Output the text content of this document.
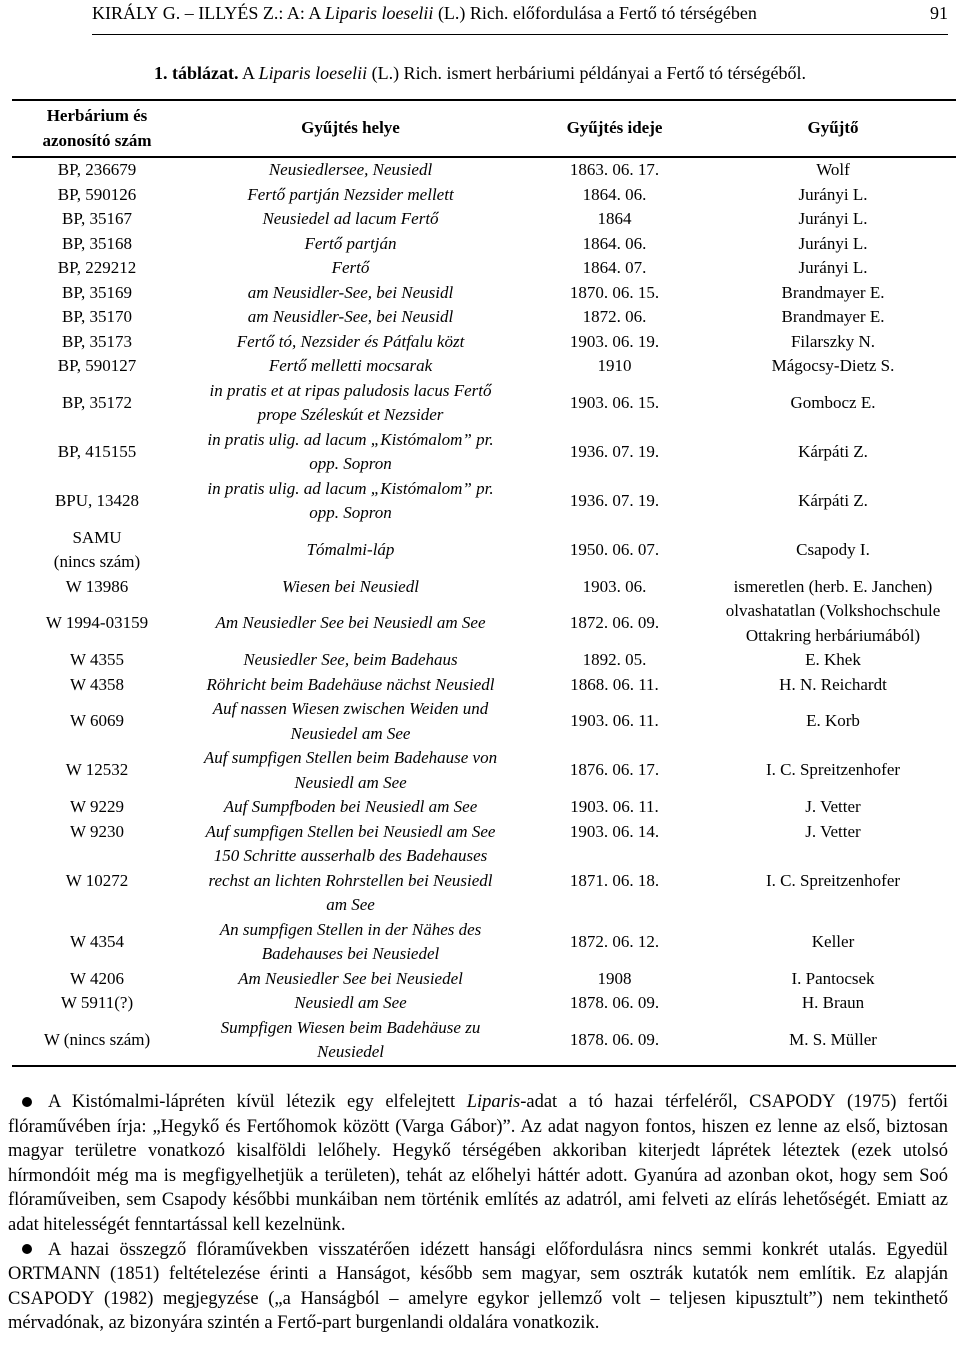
KIRÁLY G. – ILLYÉS Z.: A: A Liparis loeselii (L.) Rich. előfordulása a Fertő tó térségében	91
1. táblázat. A Liparis loeselii (L.) Rich. ismert herbáriumi példányai a Fertő tó térségéből.
Herbárium és
azonosító szám	Gyűjtés helye	Gyűjtés ideje	Gyűjtő
BP, 236679	Neusiedlersee, Neusiedl	1863. 06. 17.	Wolf
BP, 590126	Fertő partján Nezsider mellett	1864. 06.	Jurányi L.
BP, 35167	Neusiedel ad lacum Fertő	1864	Jurányi L.
BP, 35168	Fertő partján	1864. 06.	Jurányi L.
BP, 229212	Fertő	1864. 07.	Jurányi L.
BP, 35169	am Neusidler-See, bei Neusidl	1870. 06. 15.	Brandmayer E.
BP, 35170	am Neusidler-See, bei Neusidl	1872. 06.	Brandmayer E.
BP, 35173	Fertő tó, Nezsider és Pátfalu közt	1903. 06. 19.	Filarszky N.
BP, 590127	Fertő melletti mocsarak	1910	Mágocsy-Dietz S.
BP, 35172	in pratis et at ripas paludosis lacus Fertő
prope Széleskút et Nezsider	1903. 06. 15.	Gombocz E.
BP, 415155	in pratis ulig. ad lacum „Kistómalom” pr.
opp. Sopron	1936. 07. 19.	Kárpáti Z.
BPU, 13428	in pratis ulig. ad lacum „Kistómalom” pr.
opp. Sopron	1936. 07. 19.	Kárpáti Z.
SAMU
(nincs szám)	Tómalmi-láp	1950. 06. 07.	Csapody I.
W 13986	Wiesen bei Neusiedl	1903. 06.	ismeretlen (herb. E. Janchen)
W 1994-03159	Am Neusiedler See bei Neusiedl am See	1872. 06. 09.	olvashatatlan (Volkshochschule
Ottakring herbáriumából)
W 4355	Neusiedler See, beim Badehaus	1892. 05.	E. Khek
W 4358	Röhricht beim Badehäuse nächst Neusiedl	1868. 06. 11.	H. N. Reichardt
W 6069	Auf nassen Wiesen zwischen Weiden und
Neusiedel am See	1903. 06. 11.	E. Korb
W 12532	Auf sumpfigen Stellen beim Badehause von
Neusiedl am See	1876. 06. 17.	I. C. Spreitzenhofer
W 9229	Auf Sumpfboden bei Neusiedl am See	1903. 06. 11.	J. Vetter
W 9230	Auf sumpfigen Stellen bei Neusiedl am See	1903. 06. 14.	J. Vetter
W 10272	150 Schritte ausserhalb des Badehauses
rechst an lichten Rohrstellen bei Neusiedl
am See	1871. 06. 18.	I. C. Spreitzenhofer
W 4354	An sumpfigen Stellen in der Nähes des
Badehauses bei Neusiedel	1872. 06. 12.	Keller
W 4206	Am Neusiedler See bei Neusiedel	1908	I. Pantocsek
W 5911(?)	Neusiedl am See	1878. 06. 09.	H. Braun
W (nincs szám)	Sumpfigen Wiesen beim Badehäuse zu
Neusiedel	1878. 06. 09.	M. S. Müller

A Kistómalmi-lápréten kívül létezik egy elfelejtett Liparis-adat a tó hazai térfeléről, CSAPODY (1975) fertői flóraművében írja: „Hegykő és Fertőhomok között (Varga Gábor)”. Az adat nagyon fontos, hiszen ez lenne az első, biztosan magyar területre vonatkozó kisalföldi lelőhely. Hegykő térségében akkoriban kiterjedt láprétek léteztek (ezek utolsó hírmondóit még ma is megfigyelhetjük a területen), tehát az előhelyi háttér adott. Gyanúra ad azonban okot, hogy sem Soó flóraműveiben, sem Csapody későbbi munkáiban nem történik említés az adatról, ami felveti az elírás lehetőségét. Emiatt az adat hitelességét fenntartással kell kezelnünk.

A hazai összegző flóraművekben visszatérően idézett hansági előfordulásra nincs semmi konkrét utalás. Egyedül ORTMANN (1851) feltételezése érinti a Hanságot, később sem magyar, sem osztrák kutatók nem említik. Ez alapján CSAPODY (1982) megjegyzése („a Hanságból – amelyre egykor jellemző volt – teljesen kipusztult”) nem tekinthető mérvadónak, az bizonyára szintén a Fertő-part burgenlandi oldalára vonatkozik.
